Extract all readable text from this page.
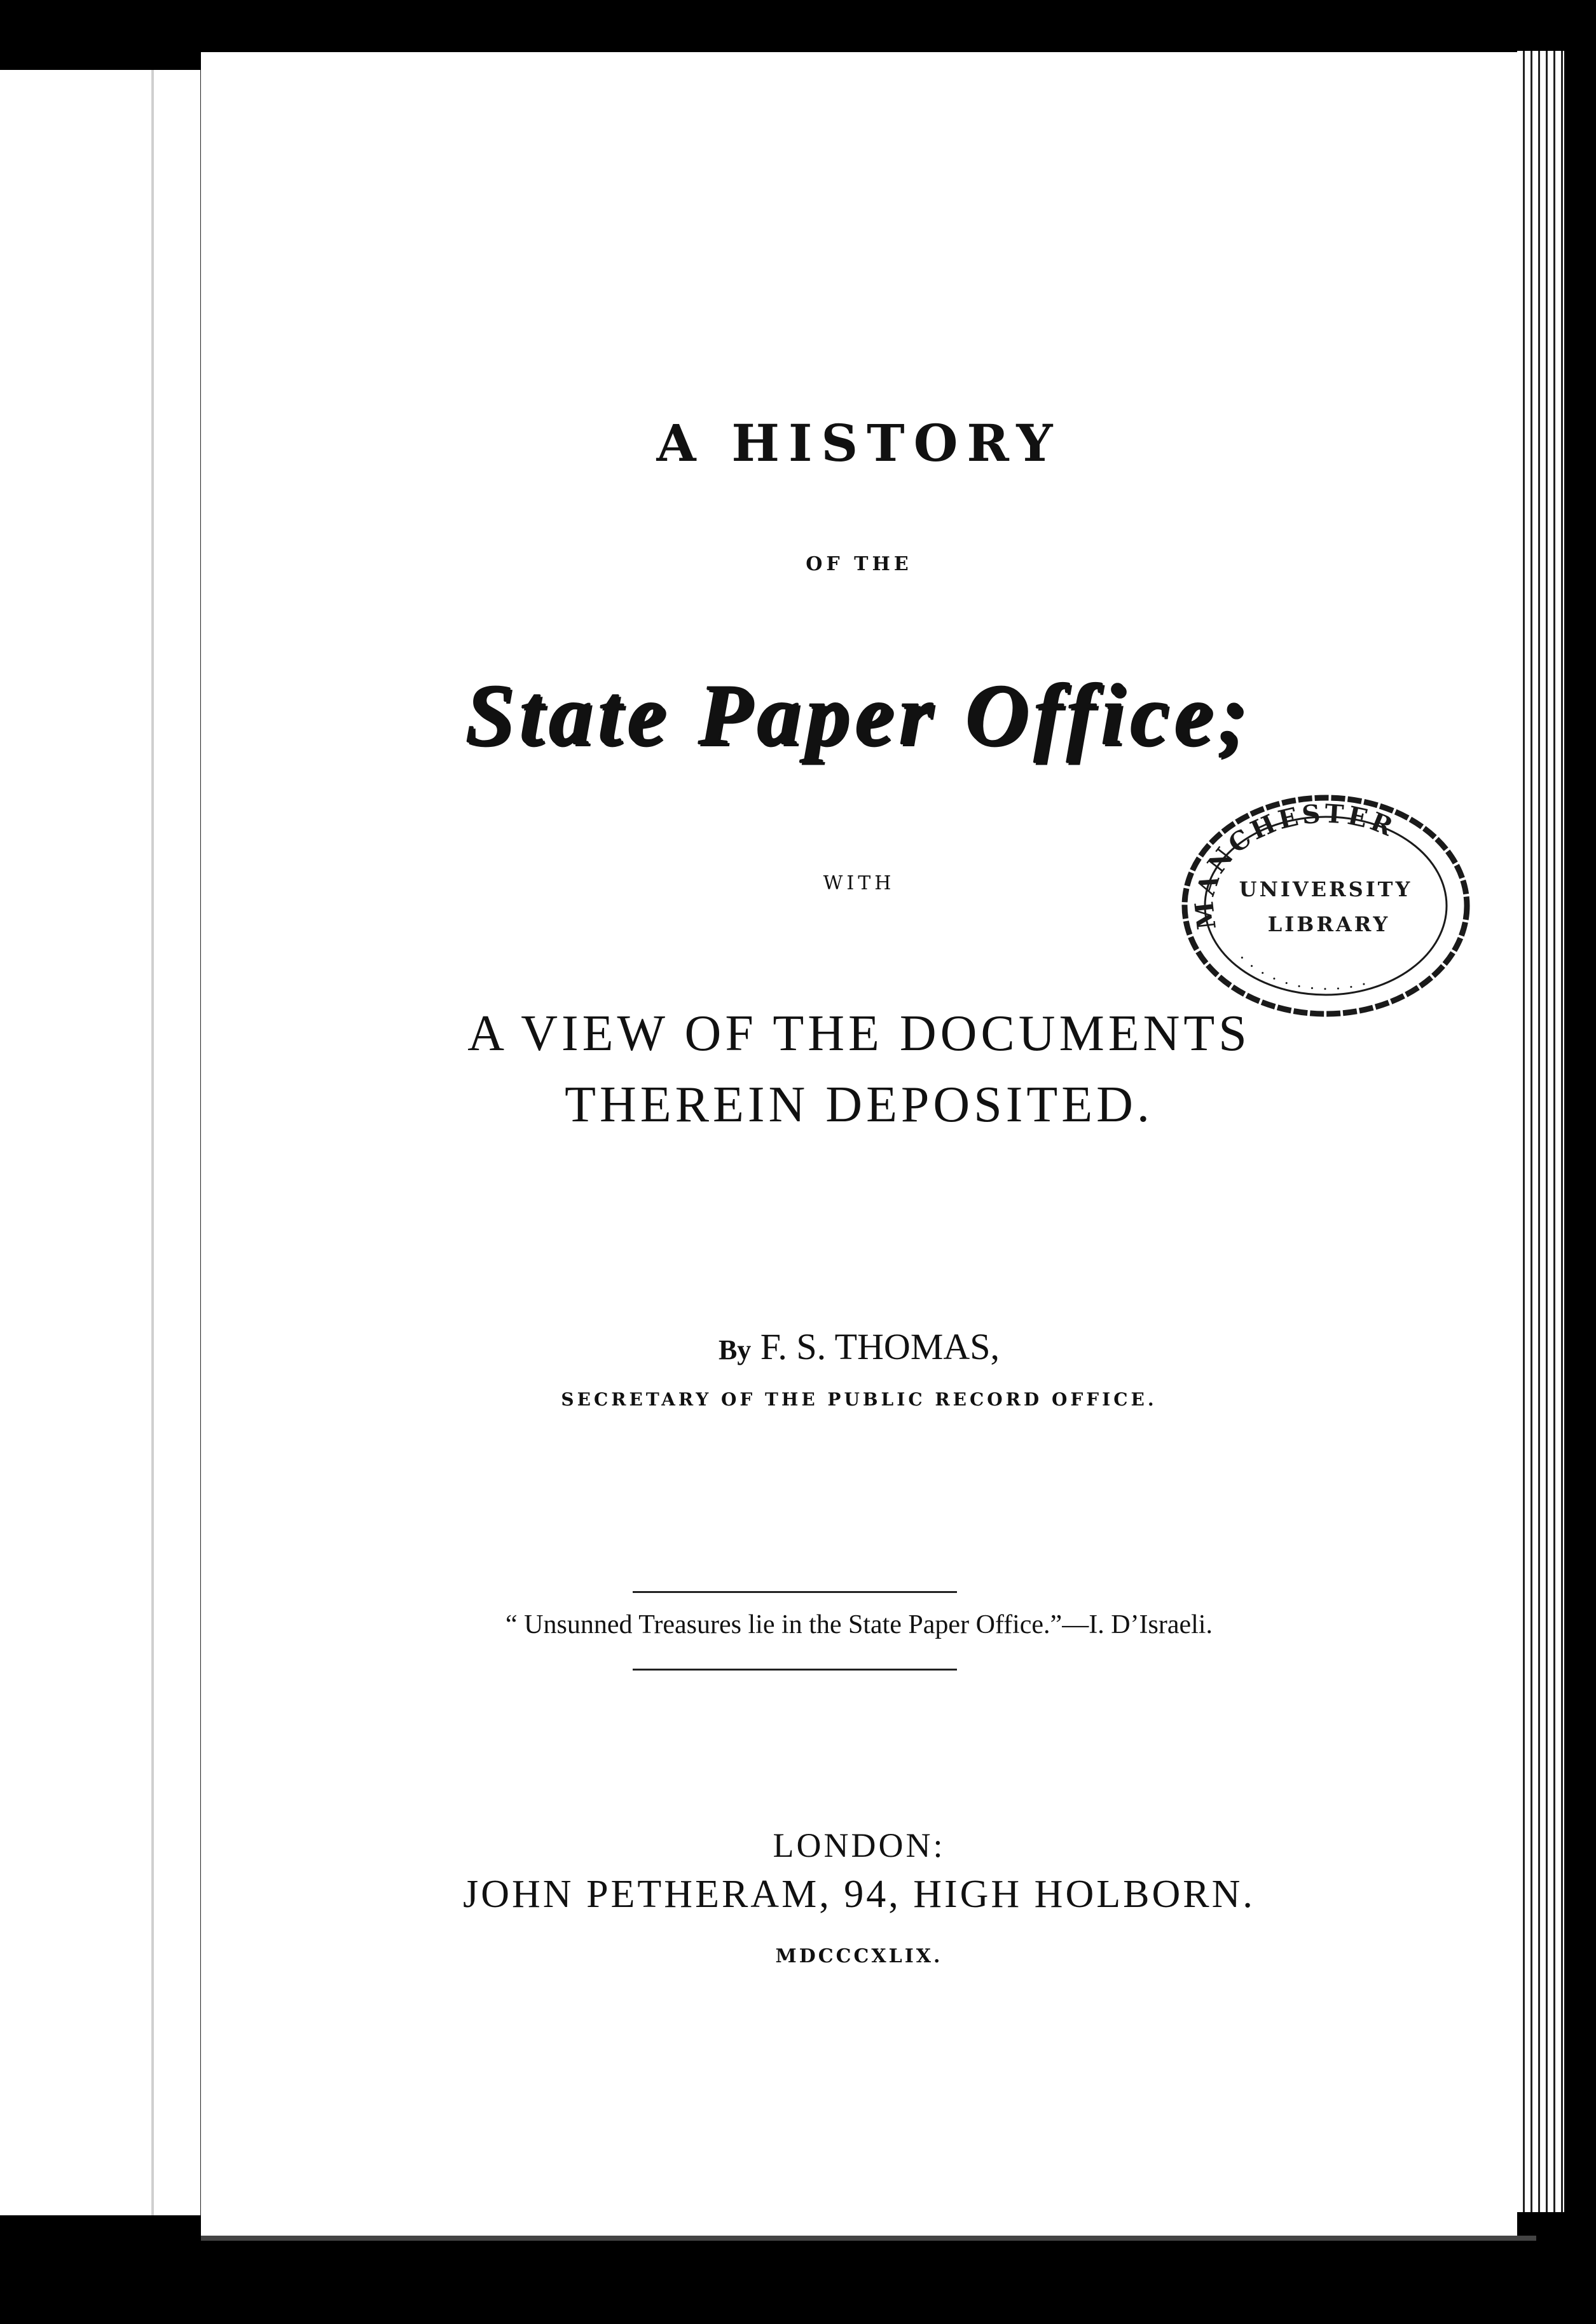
A HISTORY
OF THE
State Paper Office;
WITH
A VIEW OF THE DOCUMENTS
THEREIN DEPOSITED.
By F. S. THOMAS,
SECRETARY OF THE PUBLIC RECORD OFFICE.
“ Unsunned Treasures lie in the State Paper Office.”—I. D’Israeli.
LONDON:
JOHN PETHERAM, 94, HIGH HOLBORN.
MDCCCXLIX.
MANCHESTER
UNIVERSITY
LIBRARY
· · · · · · · · · · ·
